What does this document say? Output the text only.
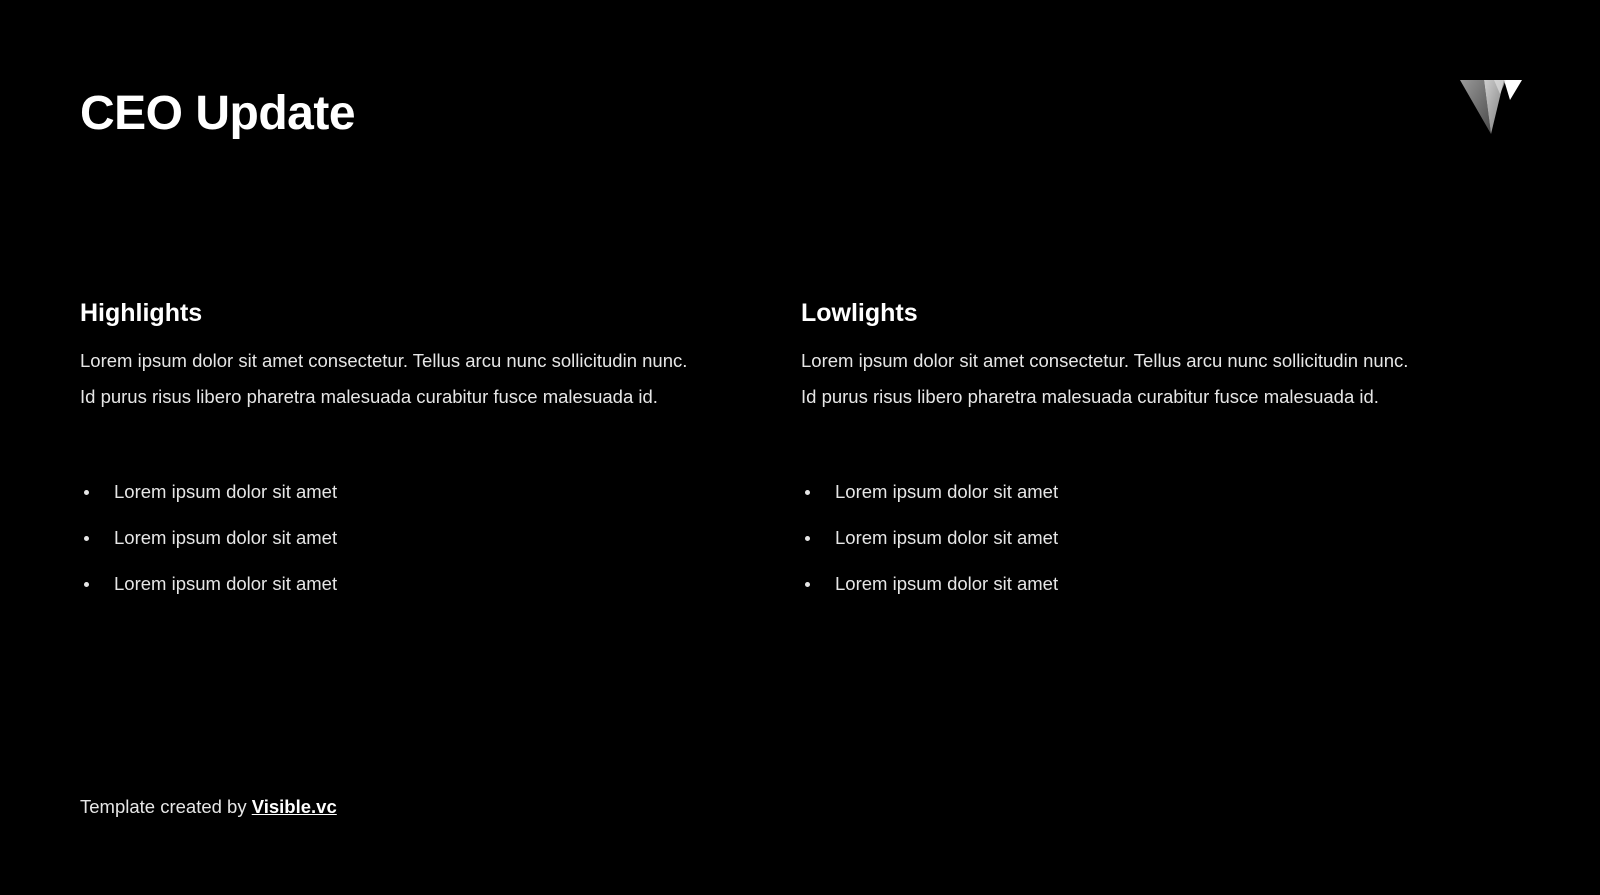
CEO Update
Highlights

Lorem ipsum dolor sit amet consectetur. Tellus arcu nunc sollicitudin nunc.
Id purus risus libero pharetra malesuada curabitur fusce malesuada id.

Lorem ipsum dolor sit amet
Lorem ipsum dolor sit amet
Lorem ipsum dolor sit amet
Lowlights

Lorem ipsum dolor sit amet consectetur. Tellus arcu nunc sollicitudin nunc.
Id purus risus libero pharetra malesuada curabitur fusce malesuada id.

Lorem ipsum dolor sit amet
Lorem ipsum dolor sit amet
Lorem ipsum dolor sit amet
Template created by Visible.vc
